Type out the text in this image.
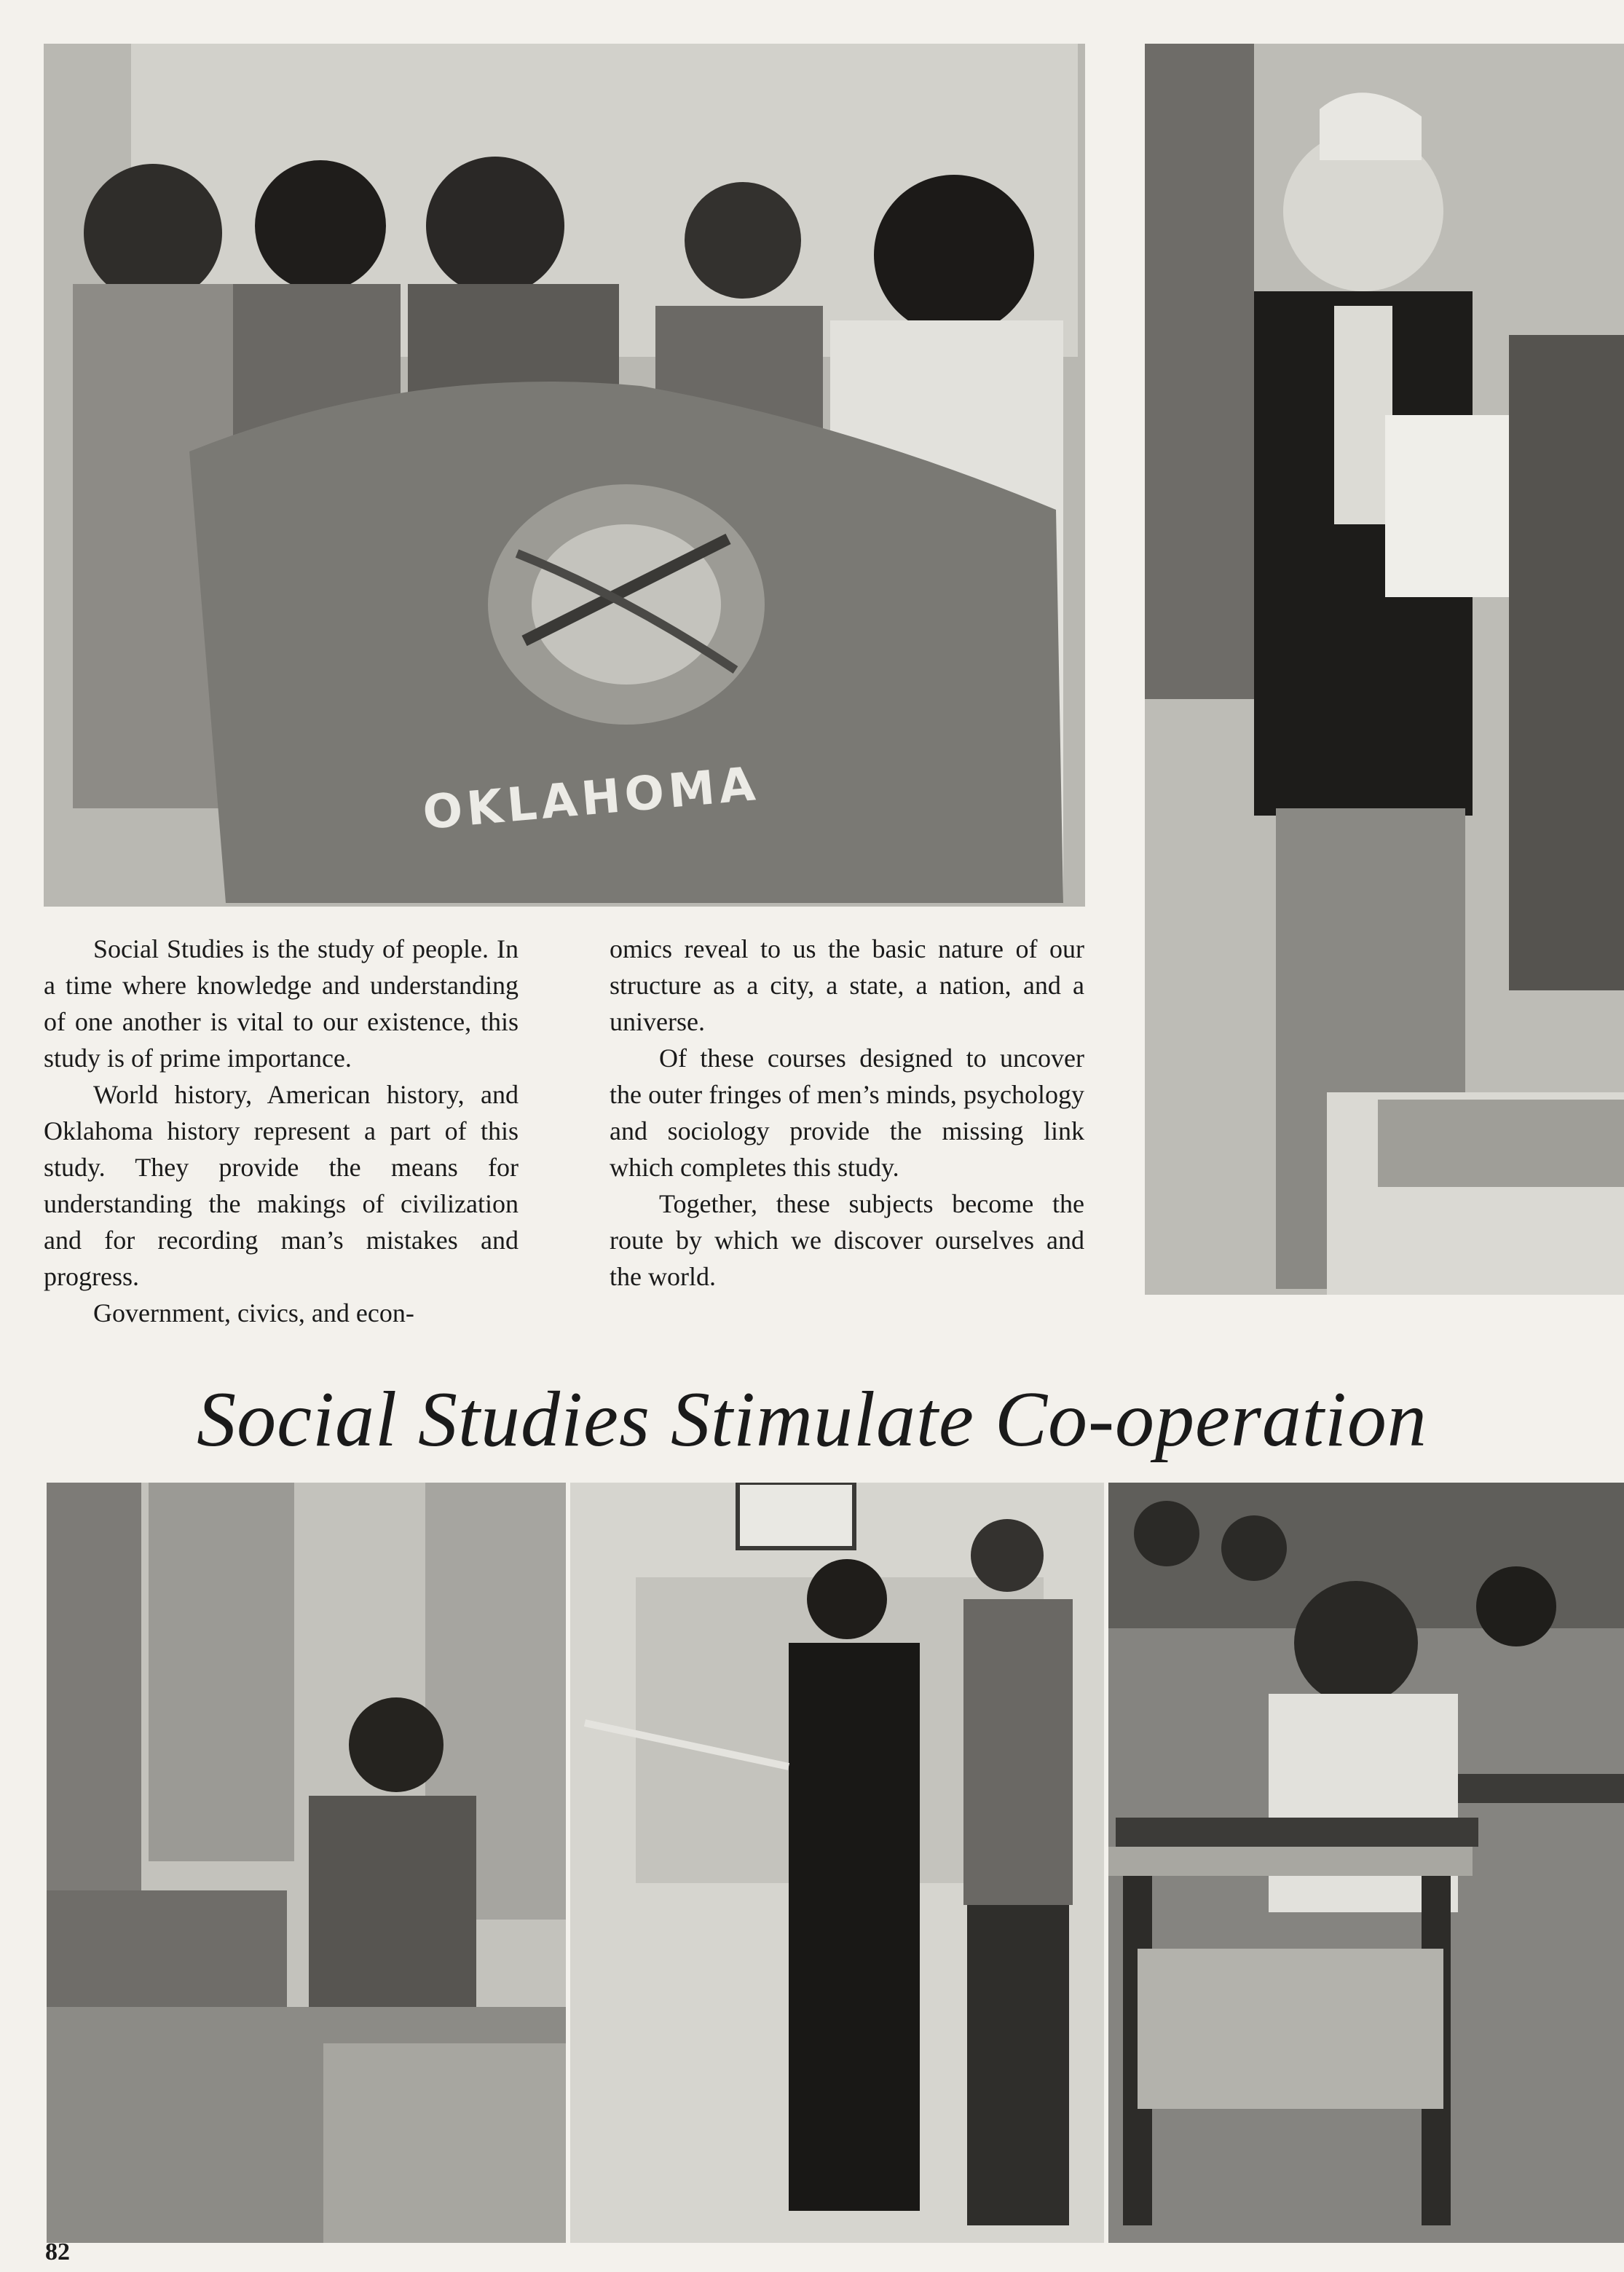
OKLAHOMA

Social Studies is the study of people. In a time where knowledge and understanding of one another is vital to our existence, this study is of prime importance.

World history, American history, and Oklahoma history represent a part of this study. They provide the means for understanding the makings of civilization and for recording man’s mistakes and progress.

Government, civics, and econ-

omics reveal to us the basic nature of our structure as a city, a state, a nation, and a universe.

Of these courses designed to uncover the outer fringes of men’s minds, psychology and sociology provide the missing link which completes this study.

Together, these subjects become the route by which we discover ourselves and the world.

Social Studies Stimulate Co-operation
82
